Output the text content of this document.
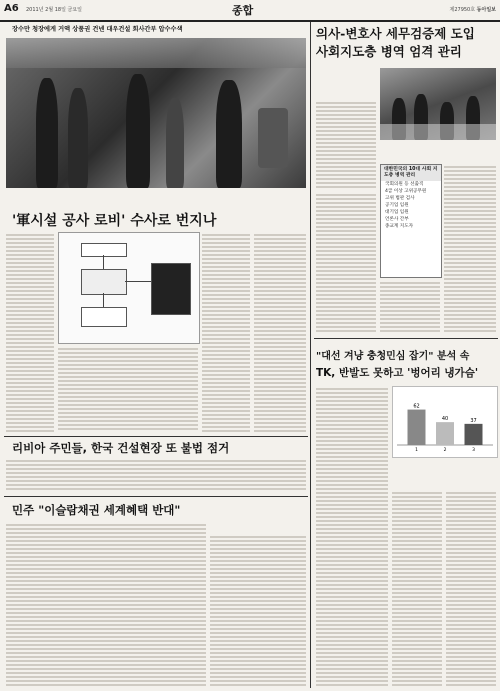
A6 2011년 2월 18일 금요일	종합	제27950호 동아일보
장수만 청장에게 거액 상품권 건넨 대우건설 회사간부 압수수색
'軍시설 공사 로비' 수사로 번지나
리비아 주민들, 한국 건설현장 또 불법 점거
민주 "이슬람채권 세계혜택 반대"
의사-변호사 세무검증제 도입
사회지도층 병역 엄격 관리
대한민국의 10대 사회 지도층 병역 관리
국회의원 등 선출직
4급 이상 고위공무원
고위 법관 검사
공기업 임원
대기업 임원
언론사 간부
종교계 지도자
"대선 겨냥 충청민심 잡기" 분석 속
TK, 반발도 못하고 '벙어리 냉가슴'
62
1
40
2
37
3
